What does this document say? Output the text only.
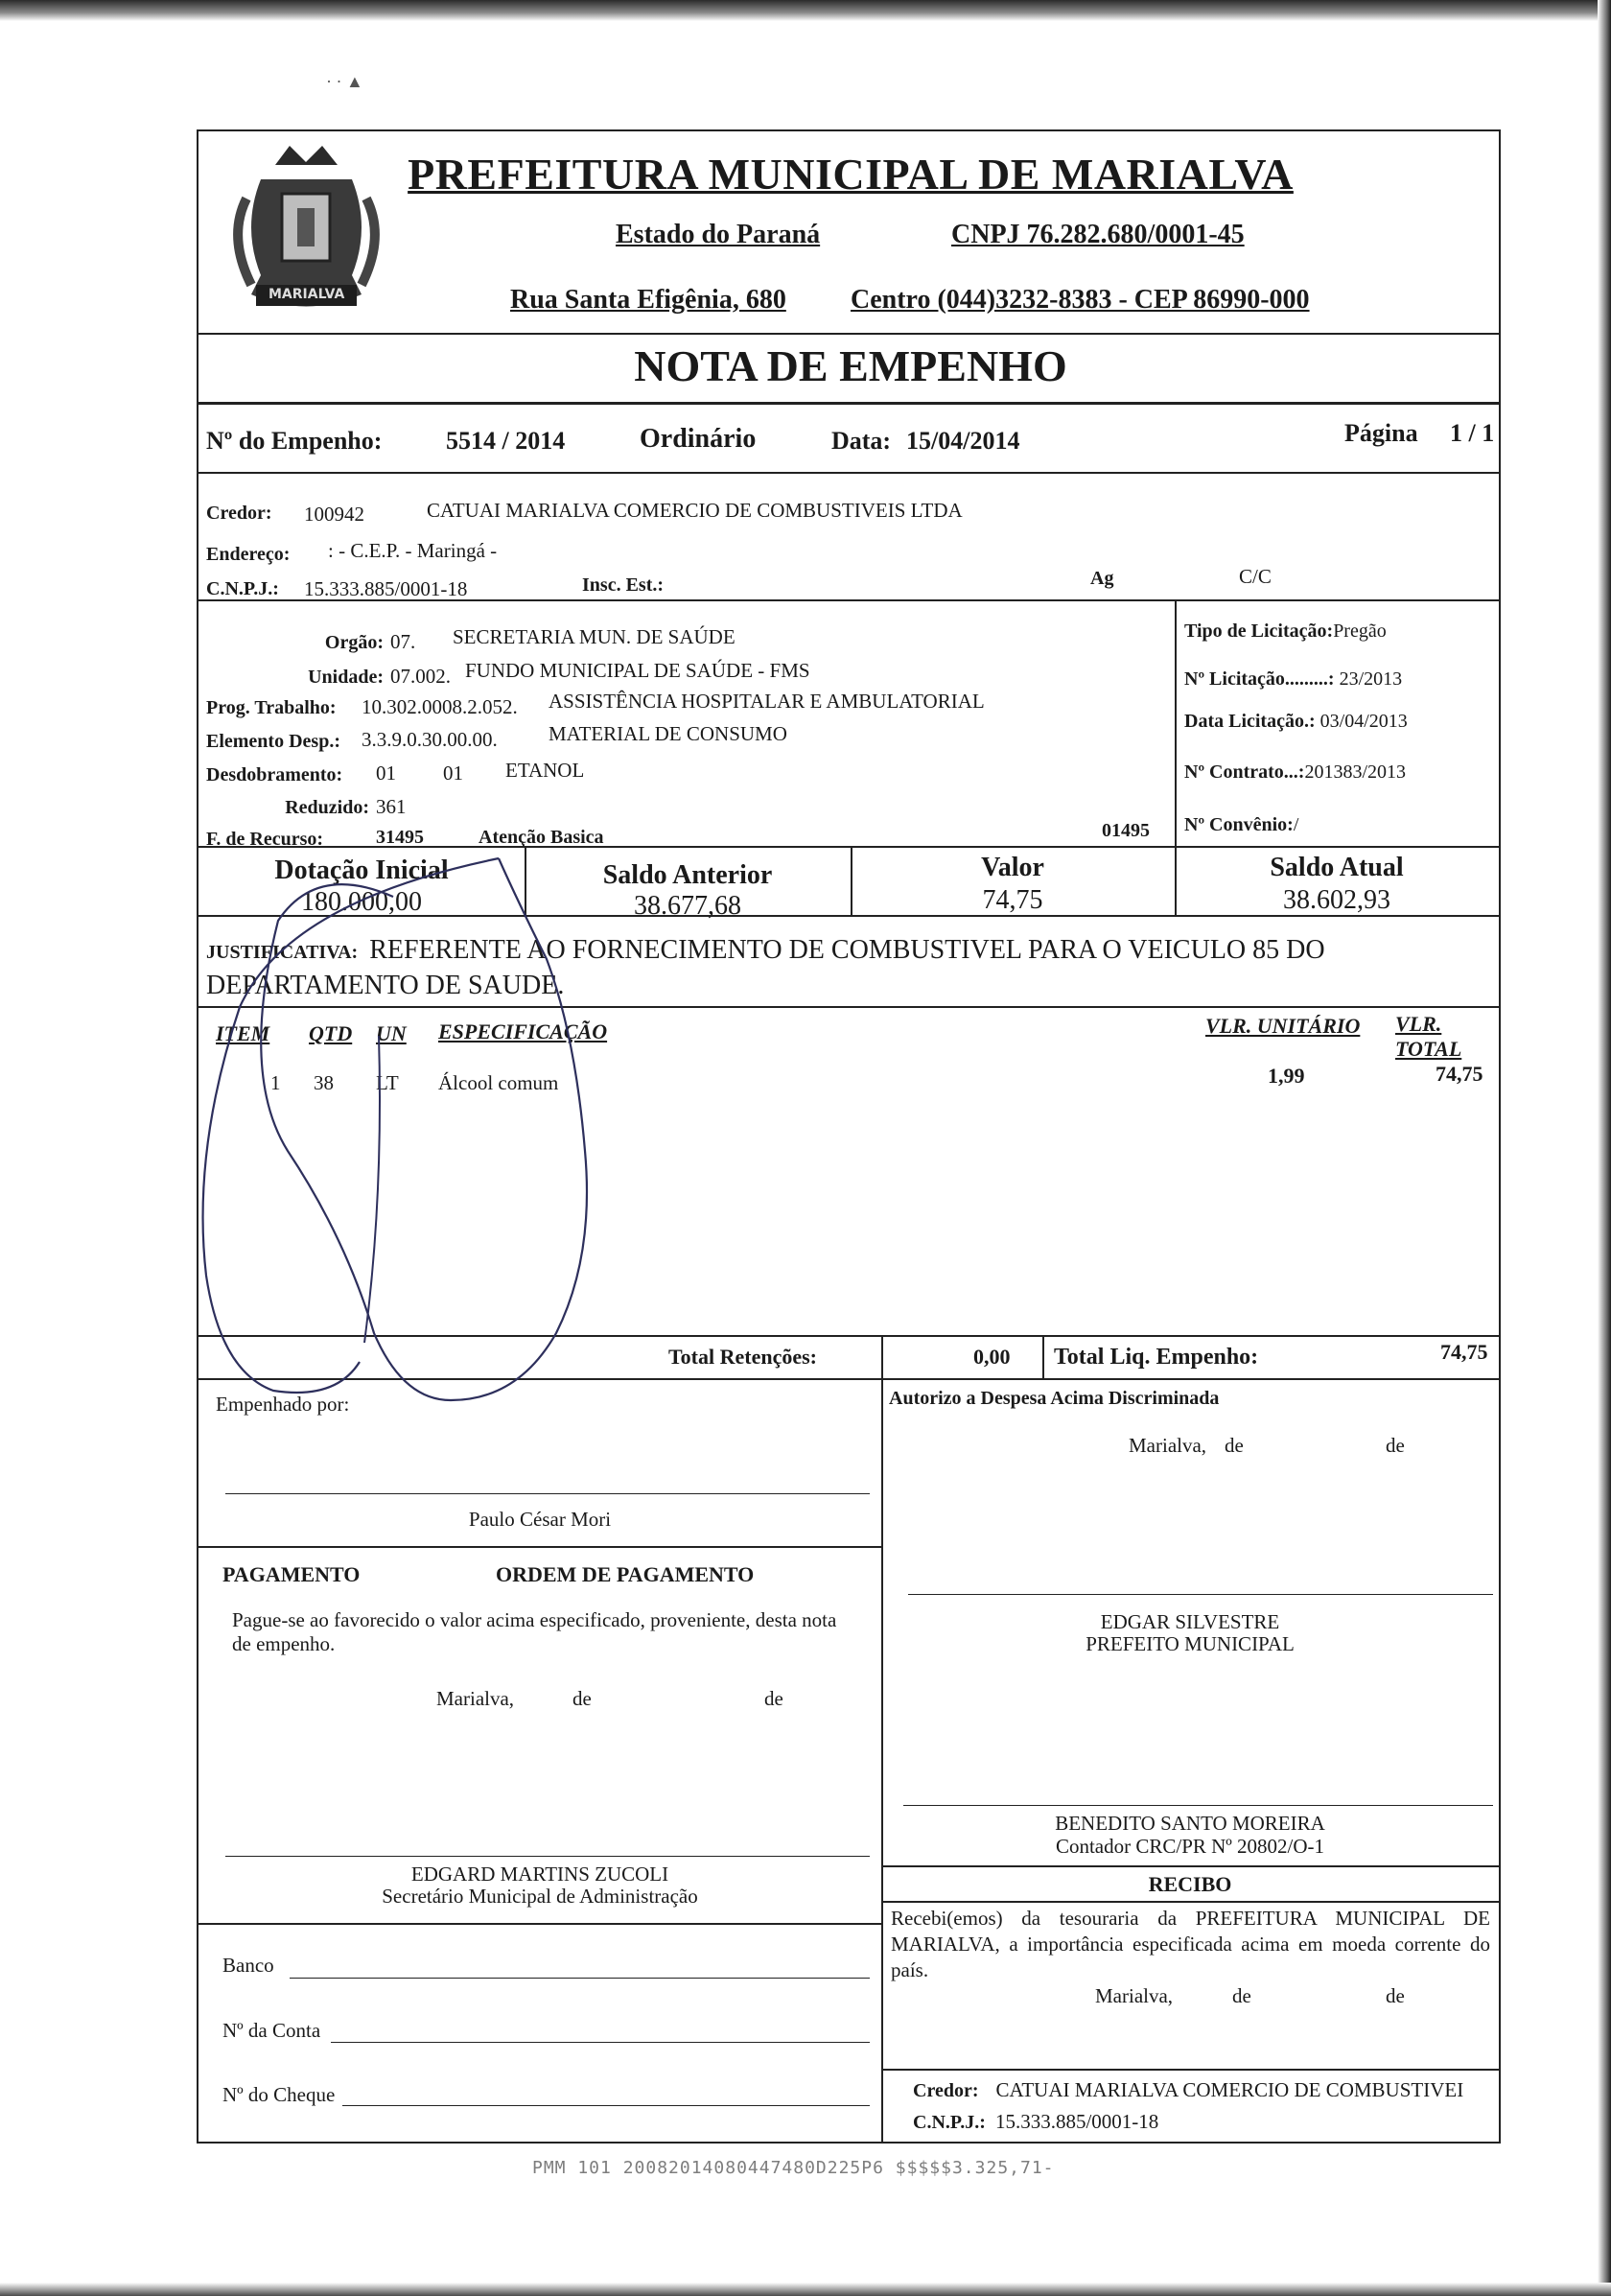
MARIALVA
PREFEITURA MUNICIPAL DE MARIALVA
Estado do Paraná	CNPJ 76.282.680/0001-45
Rua Santa Efigênia, 680 Centro (044)3232-8383 - CEP 86990-000
NOTA DE EMPENHO
Nº do Empenho:	5514 / 2014	Ordinário	Data: 15/04/2014	Página 1 / 1
Credor: 100942	CATUAI MARIALVA COMERCIO DE COMBUSTIVEIS LTDA
Endereço: : - C.E.P. - Maringá -
C.N.P.J.: 15.333.885/0001-18	Insc. Est.:	Ag	C/C
Orgão: 07. SECRETARIA MUN. DE SAÚDE
Unidade: 07.002. FUNDO MUNICIPAL DE SAÚDE - FMS
Prog. Trabalho: 10.302.0008.2.052. ASSISTÊNCIA HOSPITALAR E AMBULATORIAL
Elemento Desp.: 3.3.9.0.30.00.00.	MATERIAL DE CONSUMO
Desdobramento: 01 01 ETANOL
Reduzido: 361
F. de Recurso:	31495	Atenção Basica	01495
Tipo de Licitação:Pregão
Nº Licitação.........: 23/2013
Data Licitação.: 03/04/2013
Nº Contrato...:201383/2013
Nº Convênio:/
Dotação Inicial
180.000,00
Saldo Anterior
38.677,68
Valor
74,75
Saldo Atual
38.602,93
JUSTIFICATIVA: REFERENTE AO FORNECIMENTO DE COMBUSTIVEL PARA O VEICULO 85 DO
DEPARTAMENTO DE SAUDE.
ITEM QTD UN ESPECIFICAÇÃO	VLR. UNITÁRIO VLR. TOTAL
1 38 LT Álcool comum	1,99	74,75
Total Retenções:	0,00 Total Liq. Empenho:	74,75
Empenhado por:
Paulo César Mori
Autorizo a Despesa Acima Discriminada
Marialva, de	de
EDGAR SILVESTRE
PREFEITO MUNICIPAL
PAGAMENTO	ORDEM DE PAGAMENTO
Pague-se ao favorecido o valor acima especificado, proveniente, desta nota de empenho.
Marialva,	de	de
EDGARD MARTINS ZUCOLI
Secretário Municipal de Administração
Banco
Nº da Conta
Nº do Cheque
BENEDITO SANTO MOREIRA
Contador CRC/PR Nº 20802/O-1
RECIBO
Recebi(emos) da tesouraria da PREFEITURA MUNICIPAL DE MARIALVA, a importância especificada acima em moeda corrente do país.
Marialva,	de	de
Credor: CATUAI MARIALVA COMERCIO DE COMBUSTIVEI
C.N.P.J.: 15.333.885/0001-18
· · ▲
PMM 101 20082014080447480D225P6 $$$$$3.325,71-
